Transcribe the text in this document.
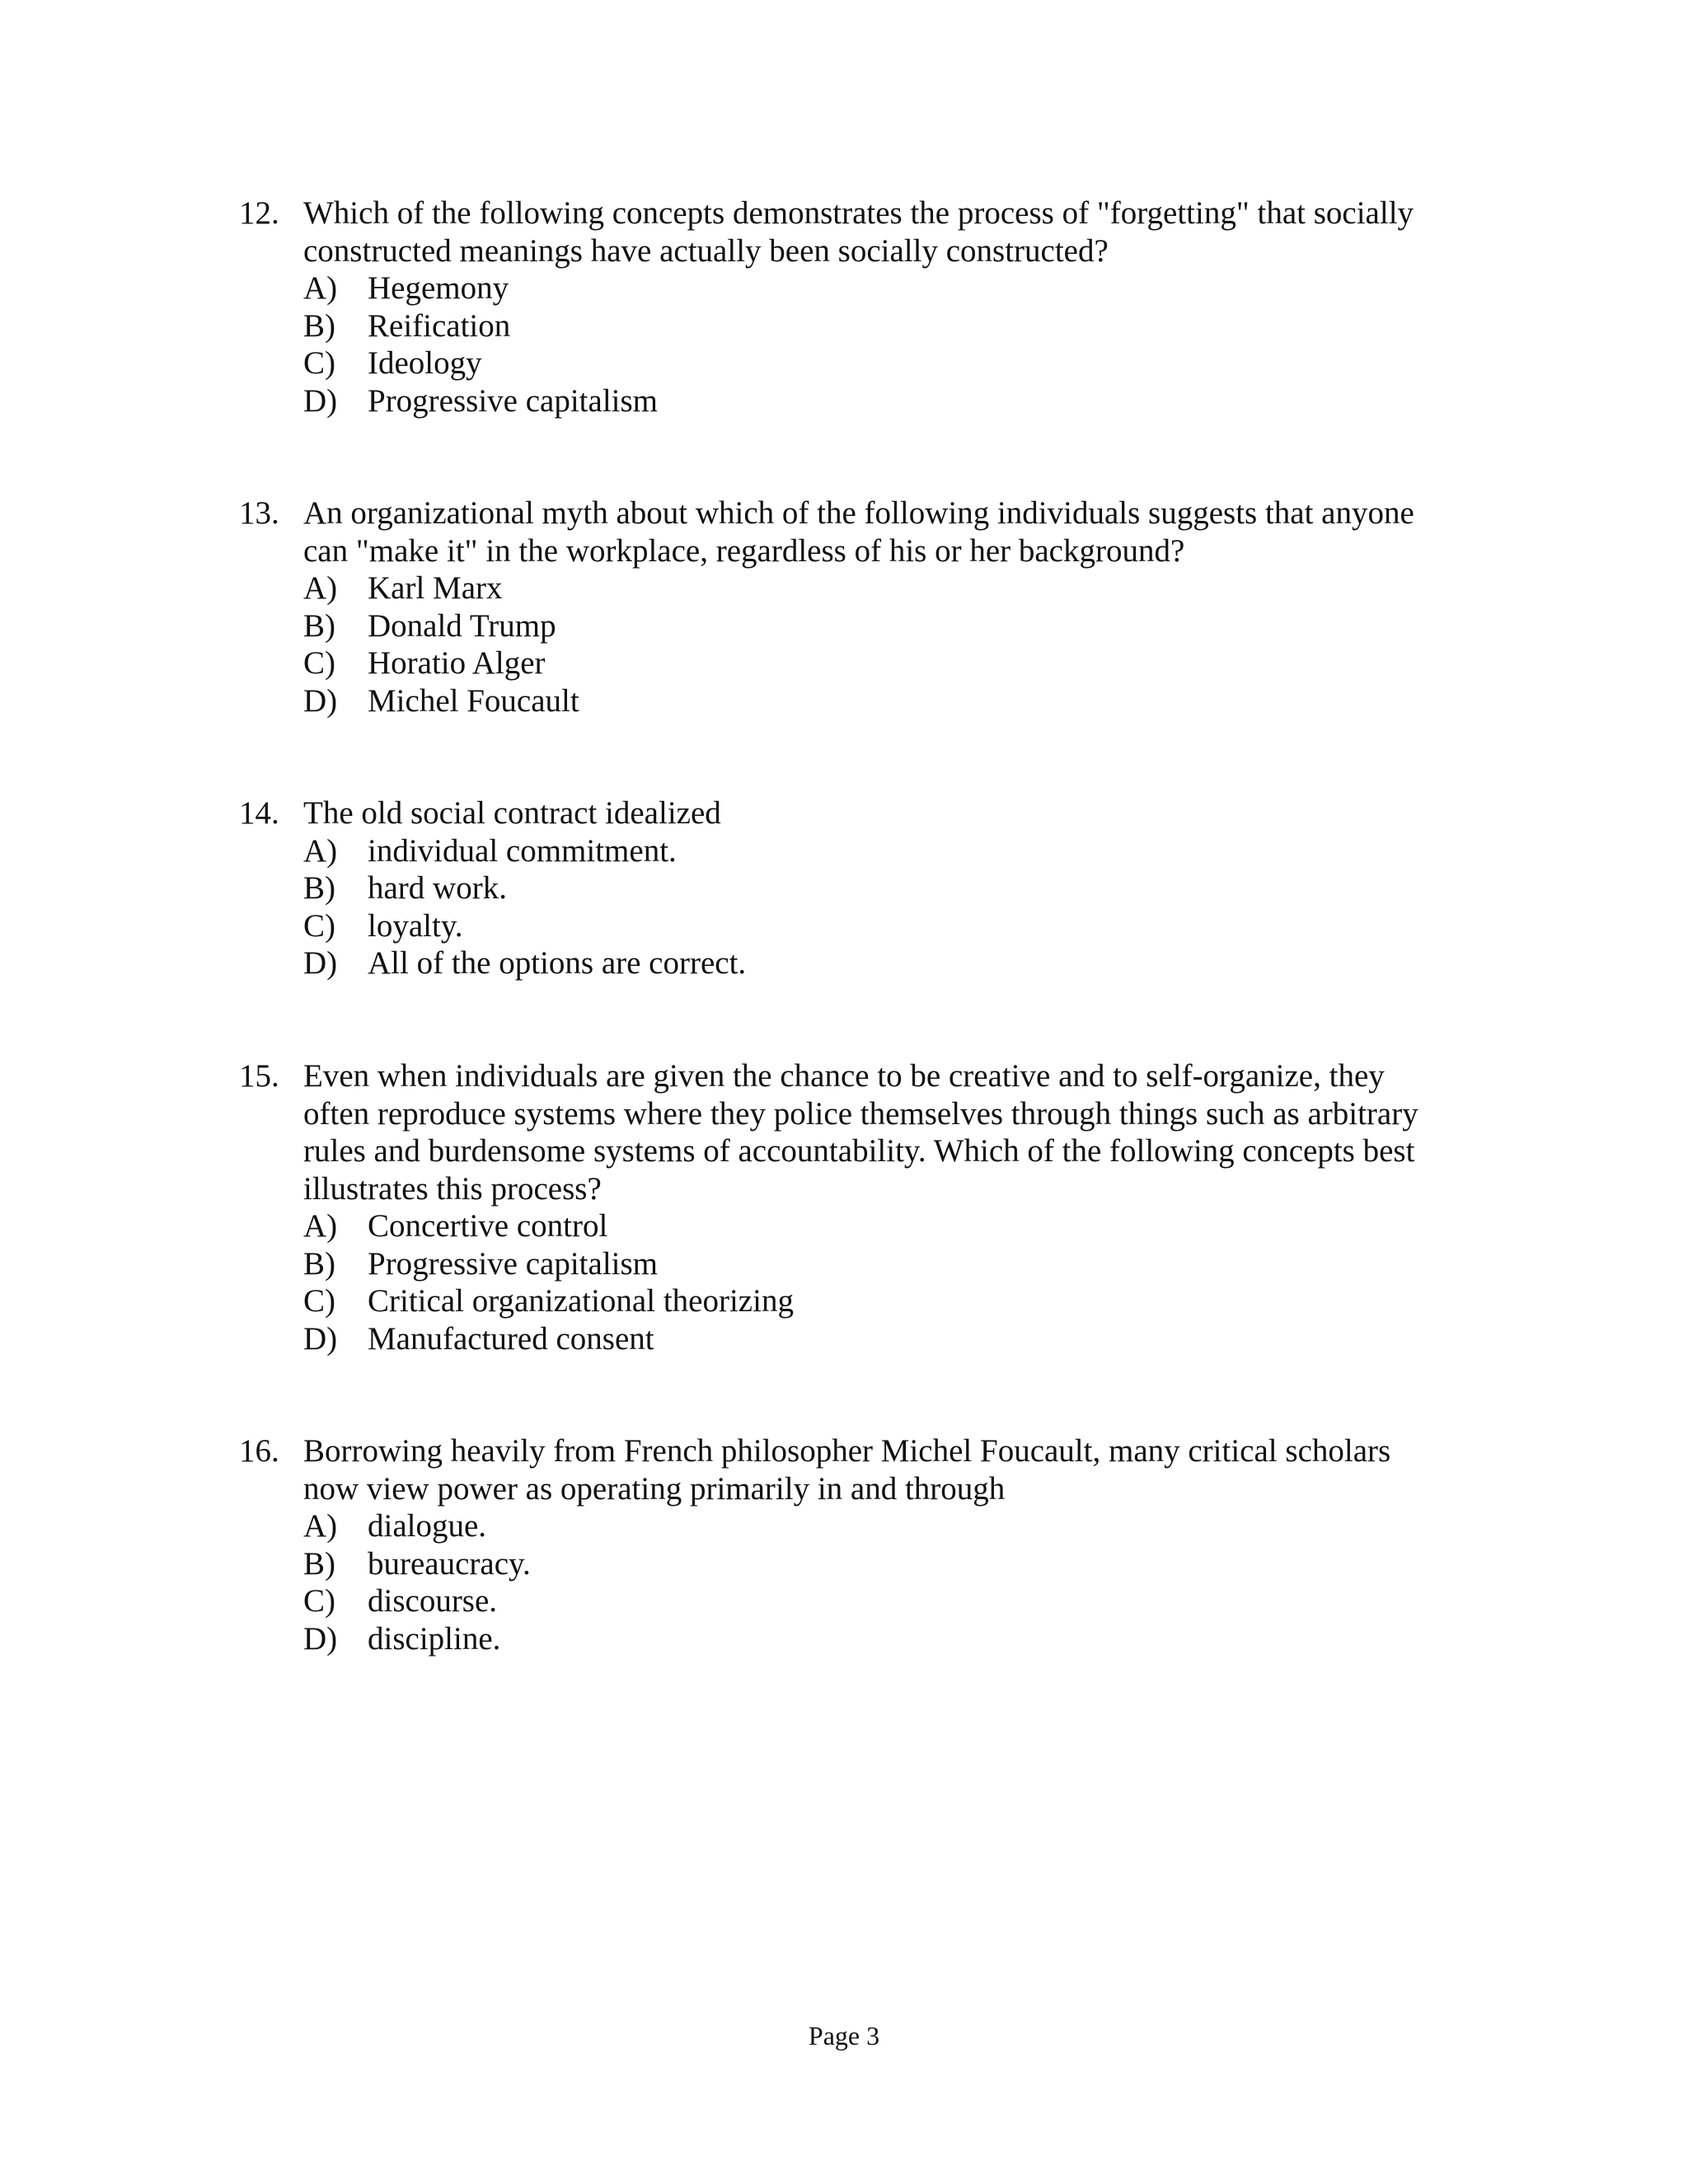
12. Which of the following concepts demonstrates the process of "forgetting" that socially
constructed meanings have actually been socially constructed?
A) Hegemony
B)	Reification
C)	Ideology
D) Progressive capitalism
13. An organizational myth about which of the following individuals suggests that anyone
can "make it" in the workplace, regardless of his or her background?
A) Karl Marx
B)	Donald Trump
C)	Horatio Alger
D) Michel Foucault
14. The old social contract idealized
A) individual commitment.
B)	hard work.
C)	loyalty.
D) All of the options are correct.
15. Even when individuals are given the chance to be creative and to self-organize, they
often reproduce systems where they police themselves through things such as arbitrary
rules and burdensome systems of accountability. Which of the following concepts best
illustrates this process?
A) Concertive control
B)	Progressive capitalism
C)	Critical organizational theorizing
D) Manufactured consent
16. Borrowing heavily from French philosopher Michel Foucault, many critical scholars
now view power as operating primarily in and through
A) dialogue.
B)	bureaucracy.
C)	discourse.
D) discipline.
Page 3
